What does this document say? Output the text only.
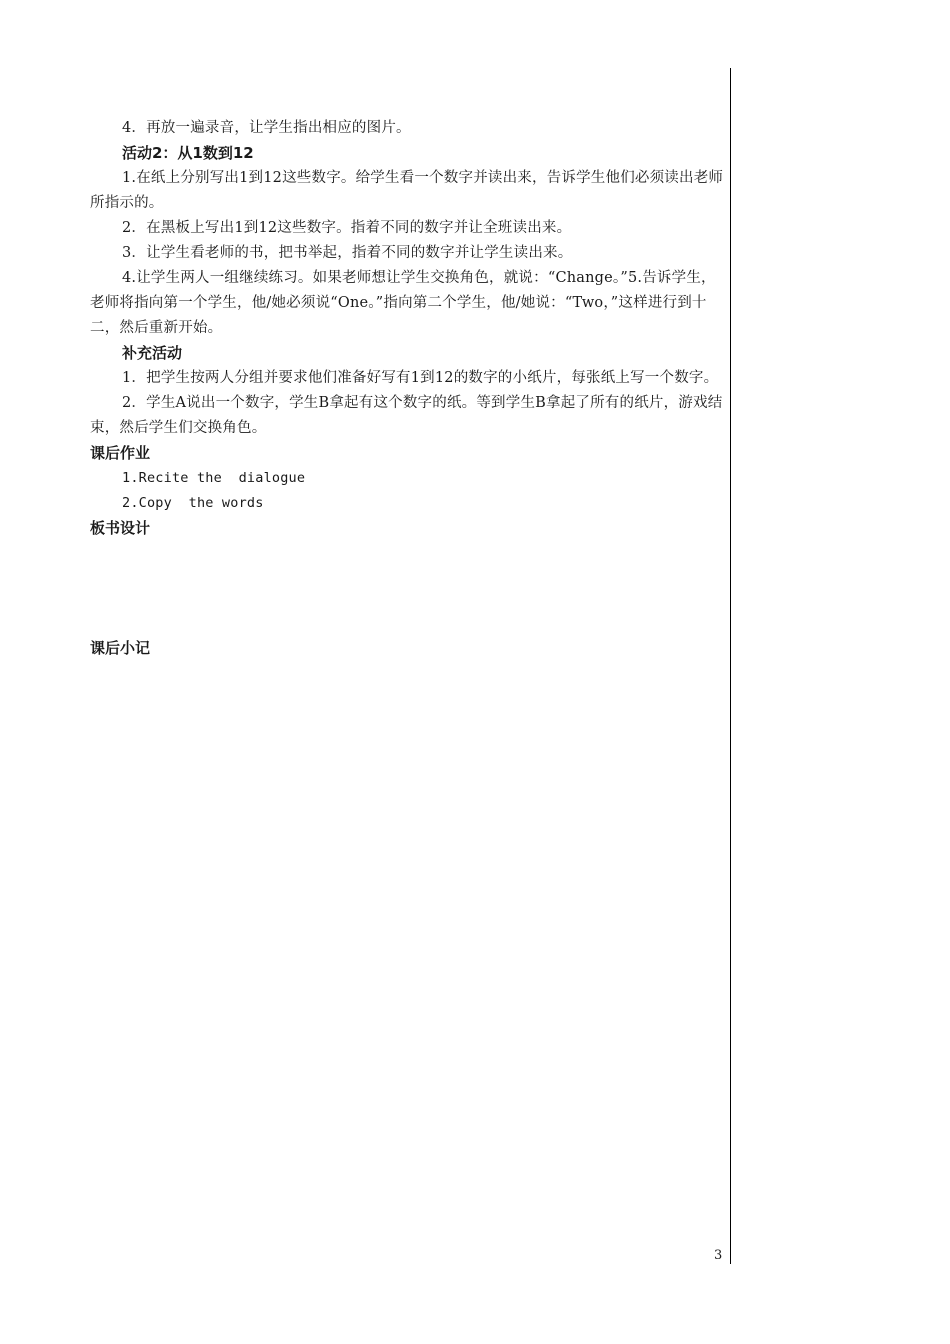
4．再放一遍录音，让学生指出相应的图片。

活动2：从1数到12

1.在纸上分别写出1到12这些数字。给学生看一个数字并读出来，告诉学生他们必须读出老师所指示的。

2．在黑板上写出1到12这些数字。指着不同的数字并让全班读出来。

3．让学生看老师的书，把书举起，指着不同的数字并让学生读出来。

4.让学生两人一组继续练习。如果老师想让学生交换角色，就说：“Change。”5.告诉学生，老师将指向第一个学生，他/她必须说“One。”指向第二个学生，他/她说：“Two，”这样进行到十二，然后重新开始。

补充活动

1．把学生按两人分组并要求他们准备好写有1到12的数字的小纸片，每张纸上写一个数字。

2．学生A说出一个数字，学生B拿起有这个数字的纸。等到学生B拿起了所有的纸片，游戏结束，然后学生们交换角色。

课后作业

1.Recite the  dialogue

2.Copy  the words

板书设计

课后小记

3
